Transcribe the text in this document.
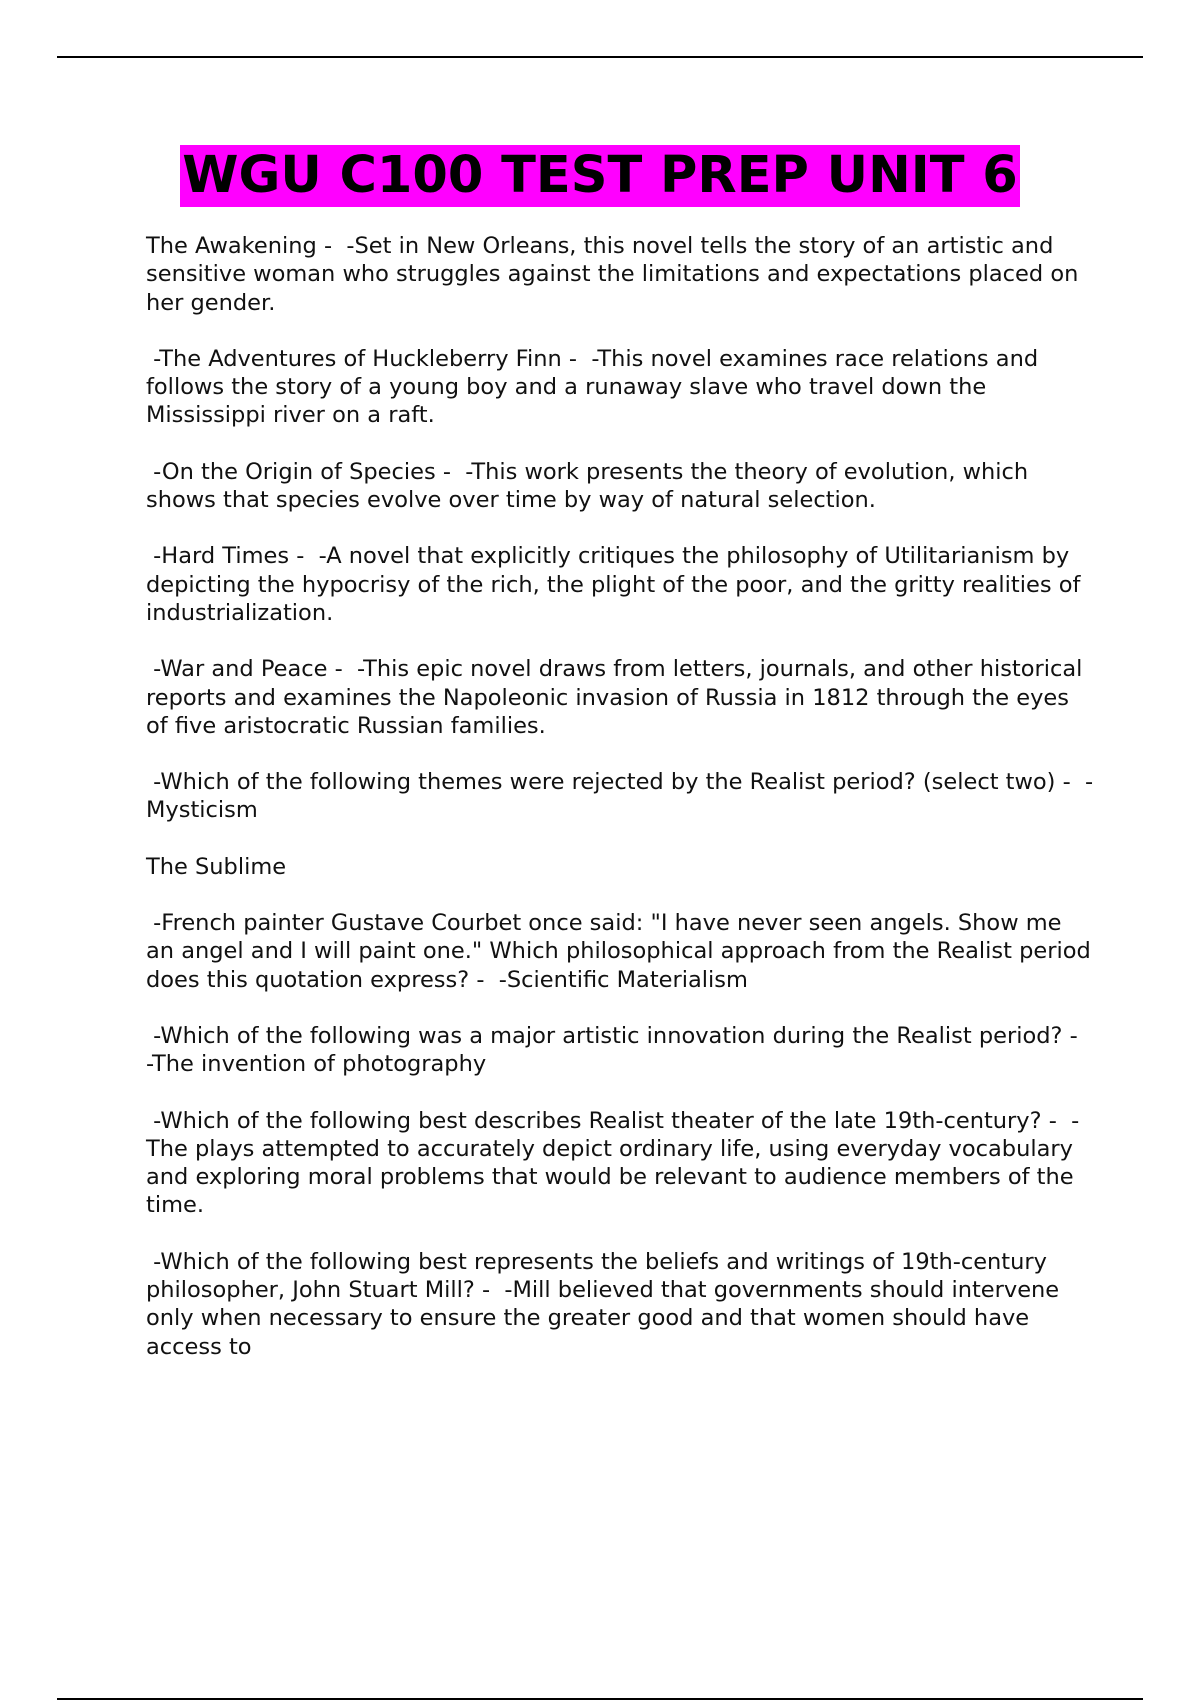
WGU C100 TEST PREP UNIT 6

The Awakening -  -Set in New Orleans, this novel tells the story of an artistic and sensitive woman who struggles against the limitations and expectations placed on her gender.

-The Adventures of Huckleberry Finn -  -This novel examines race relations and follows the story of a young boy and a runaway slave who travel down the Mississippi river on a raft.

-On the Origin of Species -  -This work presents the theory of evolution, which shows that species evolve over time by way of natural selection.

-Hard Times -  -A novel that explicitly critiques the philosophy of Utilitarianism by depicting the hypocrisy of the rich, the plight of the poor, and the gritty realities of industrialization.

-War and Peace -  -This epic novel draws from letters, journals, and other historical reports and examines the Napoleonic invasion of Russia in 1812 through the eyes of five aristocratic Russian families.

-Which of the following themes were rejected by the Realist period? (select two) -  -Mysticism

The Sublime

-French painter Gustave Courbet once said: "I have never seen angels. Show me an angel and I will paint one." Which philosophical approach from the Realist period does this quotation express? -  -Scientific Materialism

-Which of the following was a major artistic innovation during the Realist period? -  -The invention of photography

-Which of the following best describes Realist theater of the late 19th-century? -  -The plays attempted to accurately depict ordinary life, using everyday vocabulary and exploring moral problems that would be relevant to audience members of the time.

-Which of the following best represents the beliefs and writings of 19th-century philosopher, John Stuart Mill? -  -Mill believed that governments should intervene only when necessary to ensure the greater good and that women should have access to
